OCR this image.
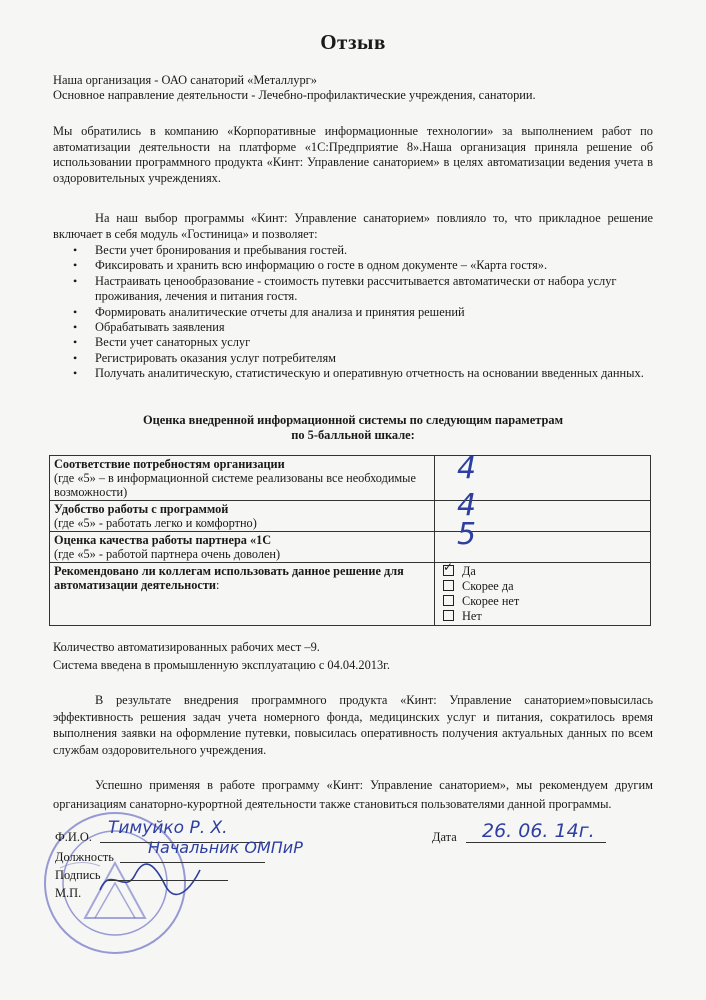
Отзыв
Наша организация - ОАО санаторий «Металлург»
Основное направление деятельности - Лечебно-профилактические учреждения, санатории.
Мы обратились в компанию «Корпоративные информационные технологии» за выполнением работ по автоматизации деятельности на платформе «1С:Предприятие 8».Наша организация приняла решение об использовании программного продукта «Кинт: Управление санаторием» в целях автоматизации ведения учета в оздоровительных учреждениях.
На наш выбор программы «Кинт: Управление санаторием» повлияло то, что прикладное решение включает в себя модуль «Гостиница» и позволяет:
• Вести учет бронирования и пребывания гостей.
• Фиксировать и хранить всю информацию о госте в одном документе – «Карта гостя».
• Настраивать ценообразование - стоимость путевки рассчитывается автоматически от набора услуг проживания, лечения и питания гостя.
• Формировать аналитические отчеты для анализа и принятия решений
• Обрабатывать заявления
• Вести учет санаторных услуг
• Регистрировать оказания услуг потребителям
• Получать аналитическую, статистическую и оперативную отчетность на основании введенных данных.
Оценка внедренной информационной системы по следующим параметрам
по 5-балльной шкале:
Соответствие потребностям организации
(где «5» – в информационной системе реализованы все необходимые возможности)	4

Удобство работы с программой
(где «5» - работать легко и комфортно)	4

Оценка качества работы партнера «1С
(где «5» - работой партнера очень доволен)	5

Рекомендовано ли коллегам использовать данное решение для автоматизации деятельности:	
✓Да
Скорее да
Скорее нет
Нет
Количество автоматизированных рабочих мест –9.
Система введена в промышленную эксплуатацию с 04.04.2013г.
В результате внедрения программного продукта «Кинт: Управление санаторием»повысилась эффективность решения задач учета номерного фонда, медицинских услуг и питания, сократилось время выполнения заявки на оформление путевки, повысилась оперативность получения актуальных данных по всем службам оздоровительного учреждения.
Успешно применяя в работе программу «Кинт: Управление санаторием», мы рекомендуем другим организациям санаторно-курортной деятельности также становиться пользователями данной программы.
Ф.И.О. Тимуйко Р. Х.
Должность Начальник ОМПиР
Подпись
М.П.
Дата 26. 06. 14г.
